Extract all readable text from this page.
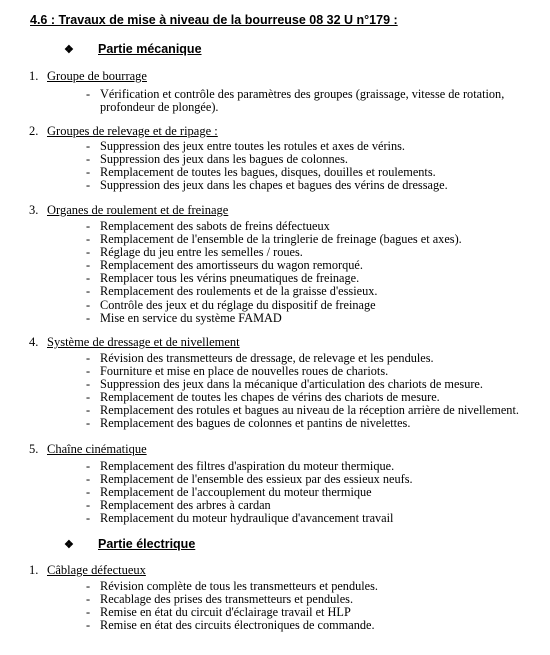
4.6 : Travaux de mise à niveau de la bourreuse 08 32 U n°179 :
❖ Partie mécanique
1. Groupe de bourrage
- Vérification et contrôle des paramètres des groupes (graissage, vitesse de rotation, profondeur de plongée).
2. Groupes de relevage et de ripage :
- Suppression des jeux entre toutes les rotules et axes de vérins.
- Suppression des jeux dans les bagues de colonnes.
- Remplacement de toutes les bagues, disques, douilles et roulements.
- Suppression des jeux dans les chapes et bagues des vérins de dressage.
3. Organes de roulement et de freinage
- Remplacement des sabots de freins défectueux
- Remplacement de l'ensemble de la tringlerie de freinage (bagues et axes).
- Réglage du jeu entre les semelles / roues.
- Remplacement des amortisseurs du wagon remorqué.
- Remplacer tous les vérins pneumatiques de freinage.
- Remplacement des roulements et de la graisse d'essieux.
- Contrôle des jeux et du réglage du dispositif de freinage
- Mise en service du système FAMAD
4. Système de dressage et de nivellement
- Révision des transmetteurs de dressage, de relevage et les pendules.
- Fourniture et mise en place de nouvelles roues de chariots.
- Suppression des jeux dans la mécanique d'articulation des chariots de mesure.
- Remplacement de toutes les chapes de vérins des chariots de mesure.
- Remplacement des rotules et bagues au niveau de la réception arrière de nivellement.
- Remplacement des bagues de colonnes et pantins de nivelettes.
5. Chaîne cinématique
- Remplacement des filtres d'aspiration du moteur thermique.
- Remplacement de l'ensemble des essieux par des essieux neufs.
- Remplacement de l'accouplement du moteur thermique
- Remplacement des arbres à cardan
- Remplacement du moteur hydraulique d'avancement travail
❖ Partie électrique
1. Câblage défectueux
- Révision complète de tous les transmetteurs et pendules.
- Recablage des prises des transmetteurs et pendules.
- Remise en état du circuit d'éclairage travail et HLP
- Remise en état des circuits électroniques de commande.
